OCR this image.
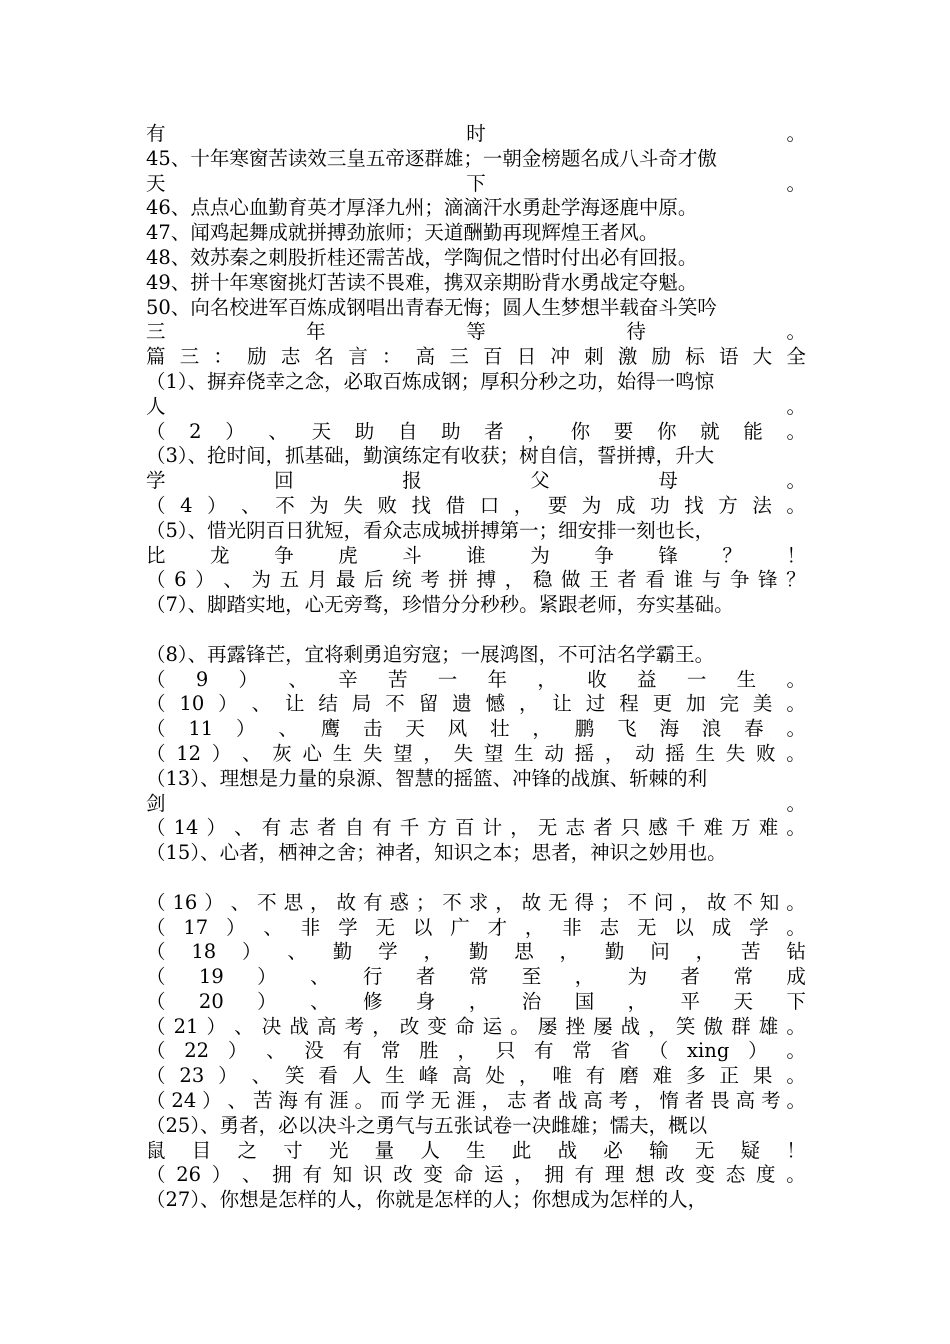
有	时	。
45、十年寒窗苦读效三皇五帝逐群雄；一朝金榜题名成八斗奇才傲
天	下	。
46、点点心血勤育英才厚泽九州；滴滴汗水勇赴学海逐鹿中原。
47、闻鸡起舞成就拼搏劲旅师；天道酬勤再现辉煌王者风。
48、效苏秦之刺股折桂还需苦战，学陶侃之惜时付出必有回报。
49、拼十年寒窗挑灯苦读不畏难，携双亲期盼背水勇战定夺魁。
50、向名校进军百炼成钢唱出青春无悔；圆人生梦想半载奋斗笑吟
三	年	等	待	。
篇 三 ： 励 志 名 言 ： 高 三 百 日 冲 刺 激 励 标 语 大 全
（1）、摒弃侥幸之念，必取百炼成钢；厚积分秒之功，始得一鸣惊
人	。
（ 2 ） 、 天 助 自 助 者 ， 你 要 你 就 能 。
（3）、抢时间，抓基础，勤演练定有收获；树自信，誓拼搏，升大
学	回	报	父	母	。
（ 4 ） 、 不 为 失 败 找 借 口 ， 要 为 成 功 找 方 法 。
（5）、惜光阴百日犹短，看众志成城拼搏第一；细安排一刻也长，
比 龙 争 虎 斗 谁 为 争 锋 ？ ！
（ 6 ） 、 为 五 月 最 后 统 考 拼 搏 ， 稳 做 王 者 看 谁 与 争 锋 ？
（7）、脚踏实地，心无旁骛，珍惜分分秒秒。紧跟老师，夯实基础。
（8）、再露锋芒，宜将剩勇追穷寇；一展鸿图，不可沽名学霸王。
（ 9 ） 、 辛 苦 一 年 ， 收 益 一 生 。
（ 10 ） 、 让 结 局 不 留 遗 憾 ， 让 过 程 更 加 完 美 。
（ 11 ） 、 鹰 击 天 风 壮 ， 鹏 飞 海 浪 春 。
（ 12 ） 、 灰 心 生 失 望 ， 失 望 生 动 摇 ， 动 摇 生 失 败 。
（13）、理想是力量的泉源、智慧的摇篮、冲锋的战旗、斩棘的利
剑	。
（ 14 ） 、 有 志 者 自 有 千 方 百 计 ， 无 志 者 只 感 千 难 万 难 。
（15）、心者，栖神之舍；神者，知识之本；思者，神识之妙用也。
（ 16 ） 、 不 思 ， 故 有 惑 ； 不 求 ， 故 无 得 ； 不 问 ， 故 不 知 。
（ 17 ） 、 非 学 无 以 广 才 ， 非 志 无 以 成 学 。
（ 18 ） 、 勤 学 ， 勤 思 ， 勤 问 ， 苦 钻
（ 19 ） 、 行 者 常 至 ， 为 者 常 成
（ 20 ） 、 修 身 ， 治 国 ， 平 天 下
（ 21 ） 、 决 战 高 考 ， 改 变 命 运 。 屡 挫 屡 战 ， 笑 傲 群 雄 。
（ 22 ） 、 没 有 常 胜 ， 只 有 常 省 （ xing ） 。
（ 23 ） 、 笑 看 人 生 峰 高 处 ， 唯 有 磨 难 多 正 果 。
（ 24 ） 、 苦 海 有 涯 。 而 学 无 涯 ， 志 者 战 高 考 ， 惰 者 畏 高 考 。
（25）、勇者，必以决斗之勇气与五张试卷一决雌雄；懦夫，概以
鼠 目 之 寸 光 量 人 生 此 战 必 输 无 疑 ！
（ 26 ） 、 拥 有 知 识 改 变 命 运 ， 拥 有 理 想 改 变 态 度 。
（27）、你想是怎样的人，你就是怎样的人；你想成为怎样的人，
